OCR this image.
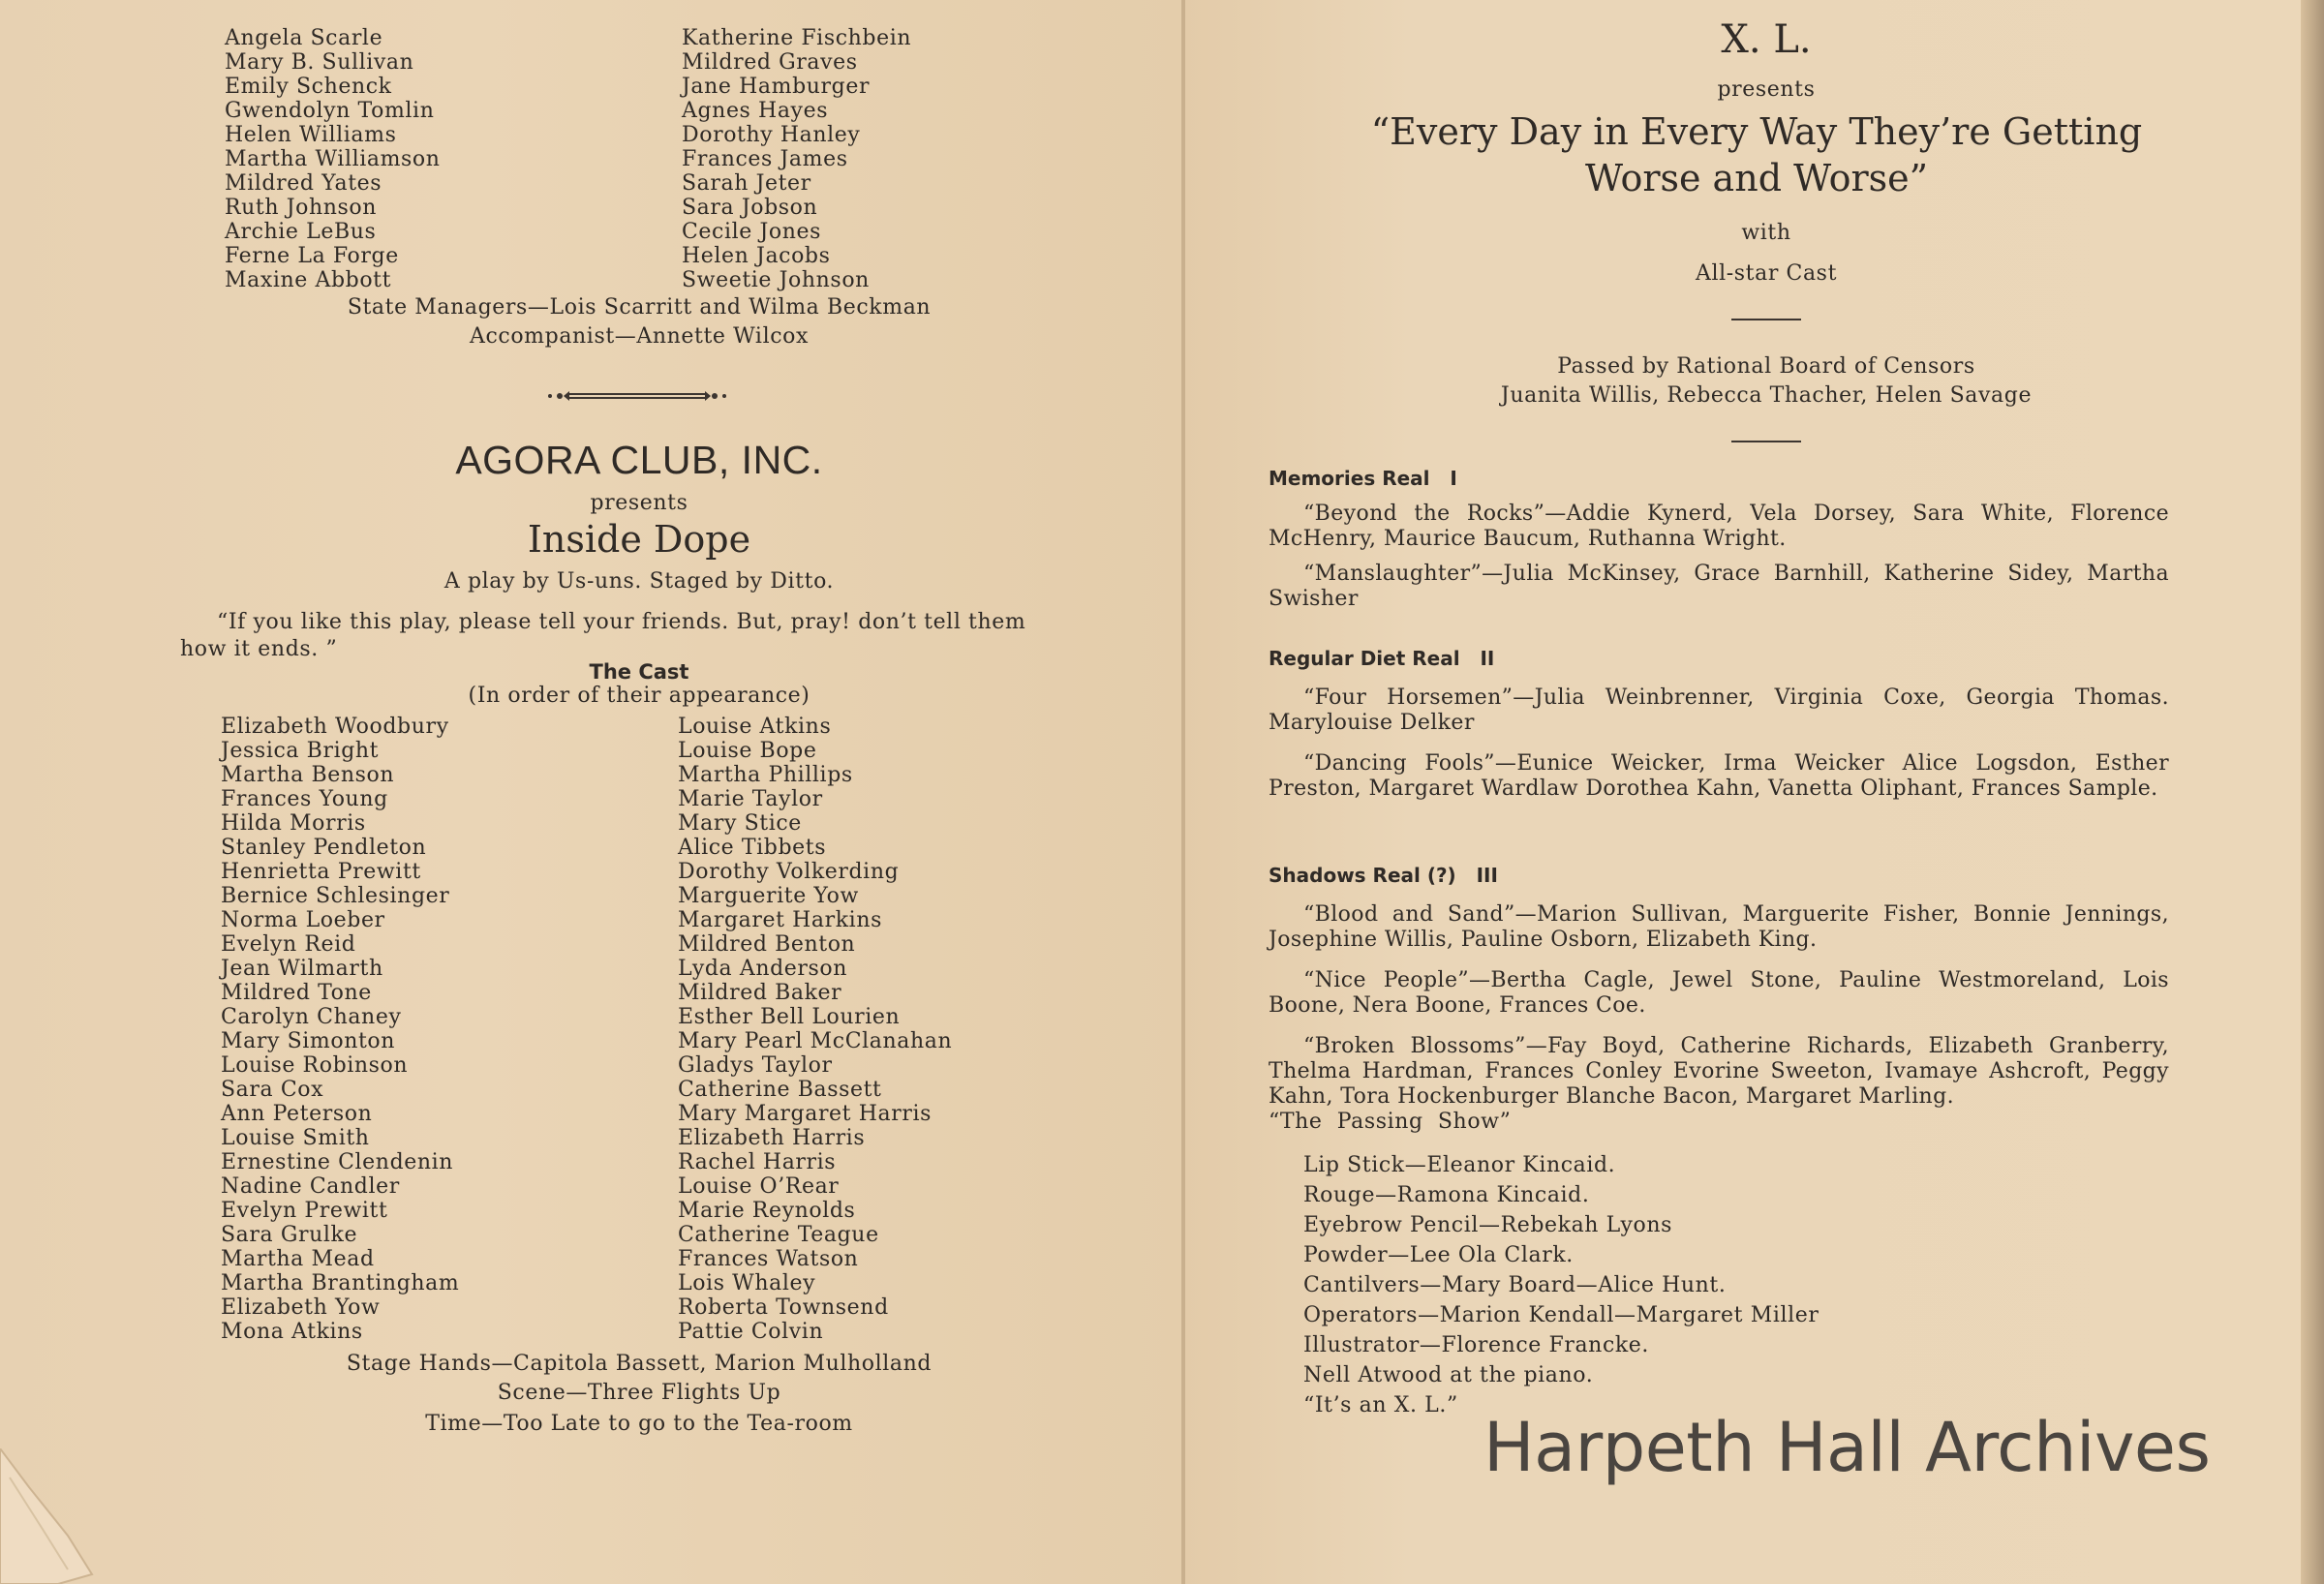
Angela Scarle
Mary B. Sullivan
Emily Schenck
Gwendolyn Tomlin
Helen Williams
Martha Williamson
Mildred Yates
Ruth Johnson
Archie LeBus
Ferne La Forge
Maxine Abbott
Katherine Fischbein
Mildred Graves
Jane Hamburger
Agnes Hayes
Dorothy Hanley
Frances James
Sarah Jeter
Sara Jobson
Cecile Jones
Helen Jacobs
Sweetie Johnson
State Managers—Lois Scarritt and Wilma Beckman
Accompanist—Annette Wilcox
AGORA CLUB, INC.
presents
Inside Dope
A play by Us-uns. Staged by Ditto.
“If you like this play, please tell your friends. But, pray! don’t tell them
how it ends. ”
The Cast
(In order of their appearance)
Elizabeth Woodbury
Jessica Bright
Martha Benson
Frances Young
Hilda Morris
Stanley Pendleton
Henrietta Prewitt
Bernice Schlesinger
Norma Loeber
Evelyn Reid
Jean Wilmarth
Mildred Tone
Carolyn Chaney
Mary Simonton
Louise Robinson
Sara Cox
Ann Peterson
Louise Smith
Ernestine Clendenin
Nadine Candler
Evelyn Prewitt
Sara Grulke
Martha Mead
Martha Brantingham
Elizabeth Yow
Mona Atkins
Louise Atkins
Louise Bope
Martha Phillips
Marie Taylor
Mary Stice
Alice Tibbets
Dorothy Volkerding
Marguerite Yow
Margaret Harkins
Mildred Benton
Lyda Anderson
Mildred Baker
Esther Bell Lourien
Mary Pearl McClanahan
Gladys Taylor
Catherine Bassett
Mary Margaret Harris
Elizabeth Harris
Rachel Harris
Louise O’Rear
Marie Reynolds
Catherine Teague
Frances Watson
Lois Whaley
Roberta Townsend
Pattie Colvin
Stage Hands—Capitola Bassett, Marion Mulholland
Scene—Three Flights Up
Time—Too Late to go to the Tea-room
X. L.
presents
“Every Day in Every Way They’re Getting
Worse and Worse”
with
All-star Cast
Passed by Rational Board of Censors
Juanita Willis, Rebecca Thacher, Helen Savage
Memories Real   I
“Beyond the Rocks”—Addie Kynerd, Vela Dorsey, Sara White, Florence McHenry, Maurice Baucum, Ruthanna Wright.
“Manslaughter”—Julia McKinsey, Grace Barnhill, Katherine Sidey, Martha Swisher
Regular Diet Real   II
“Four Horsemen”—Julia Weinbrenner, Virginia Coxe, Georgia Thomas. Marylouise Delker
“Dancing Fools”—Eunice Weicker, Irma Weicker Alice Logsdon, Esther Preston, Margaret Wardlaw Dorothea Kahn, Vanetta Oliphant, Frances Sample.
Shadows Real (?)   III
“Blood and Sand”—Marion Sullivan, Marguerite Fisher, Bonnie Jennings, Josephine Willis, Pauline Osborn, Elizabeth King.
“Nice People”—Bertha Cagle, Jewel Stone, Pauline Westmoreland, Lois Boone, Nera Boone, Frances Coe.
“Broken Blossoms”—Fay Boyd, Catherine Richards, Elizabeth Granberry, Thelma Hardman, Frances Conley Evorine Sweeton, Ivamaye Ashcroft, Peggy Kahn, Tora Hockenburger Blanche Bacon, Margaret Marling.
“The  Passing  Show”
Lip Stick—Eleanor Kincaid.
Rouge—Ramona Kincaid.
Eyebrow Pencil—Rebekah Lyons
Powder—Lee Ola Clark.
Cantilvers—Mary Board—Alice Hunt.
Operators—Marion Kendall—Margaret Miller
Illustrator—Florence Francke.
Nell Atwood at the piano.
“It’s an X. L.”
Harpeth Hall Archives
